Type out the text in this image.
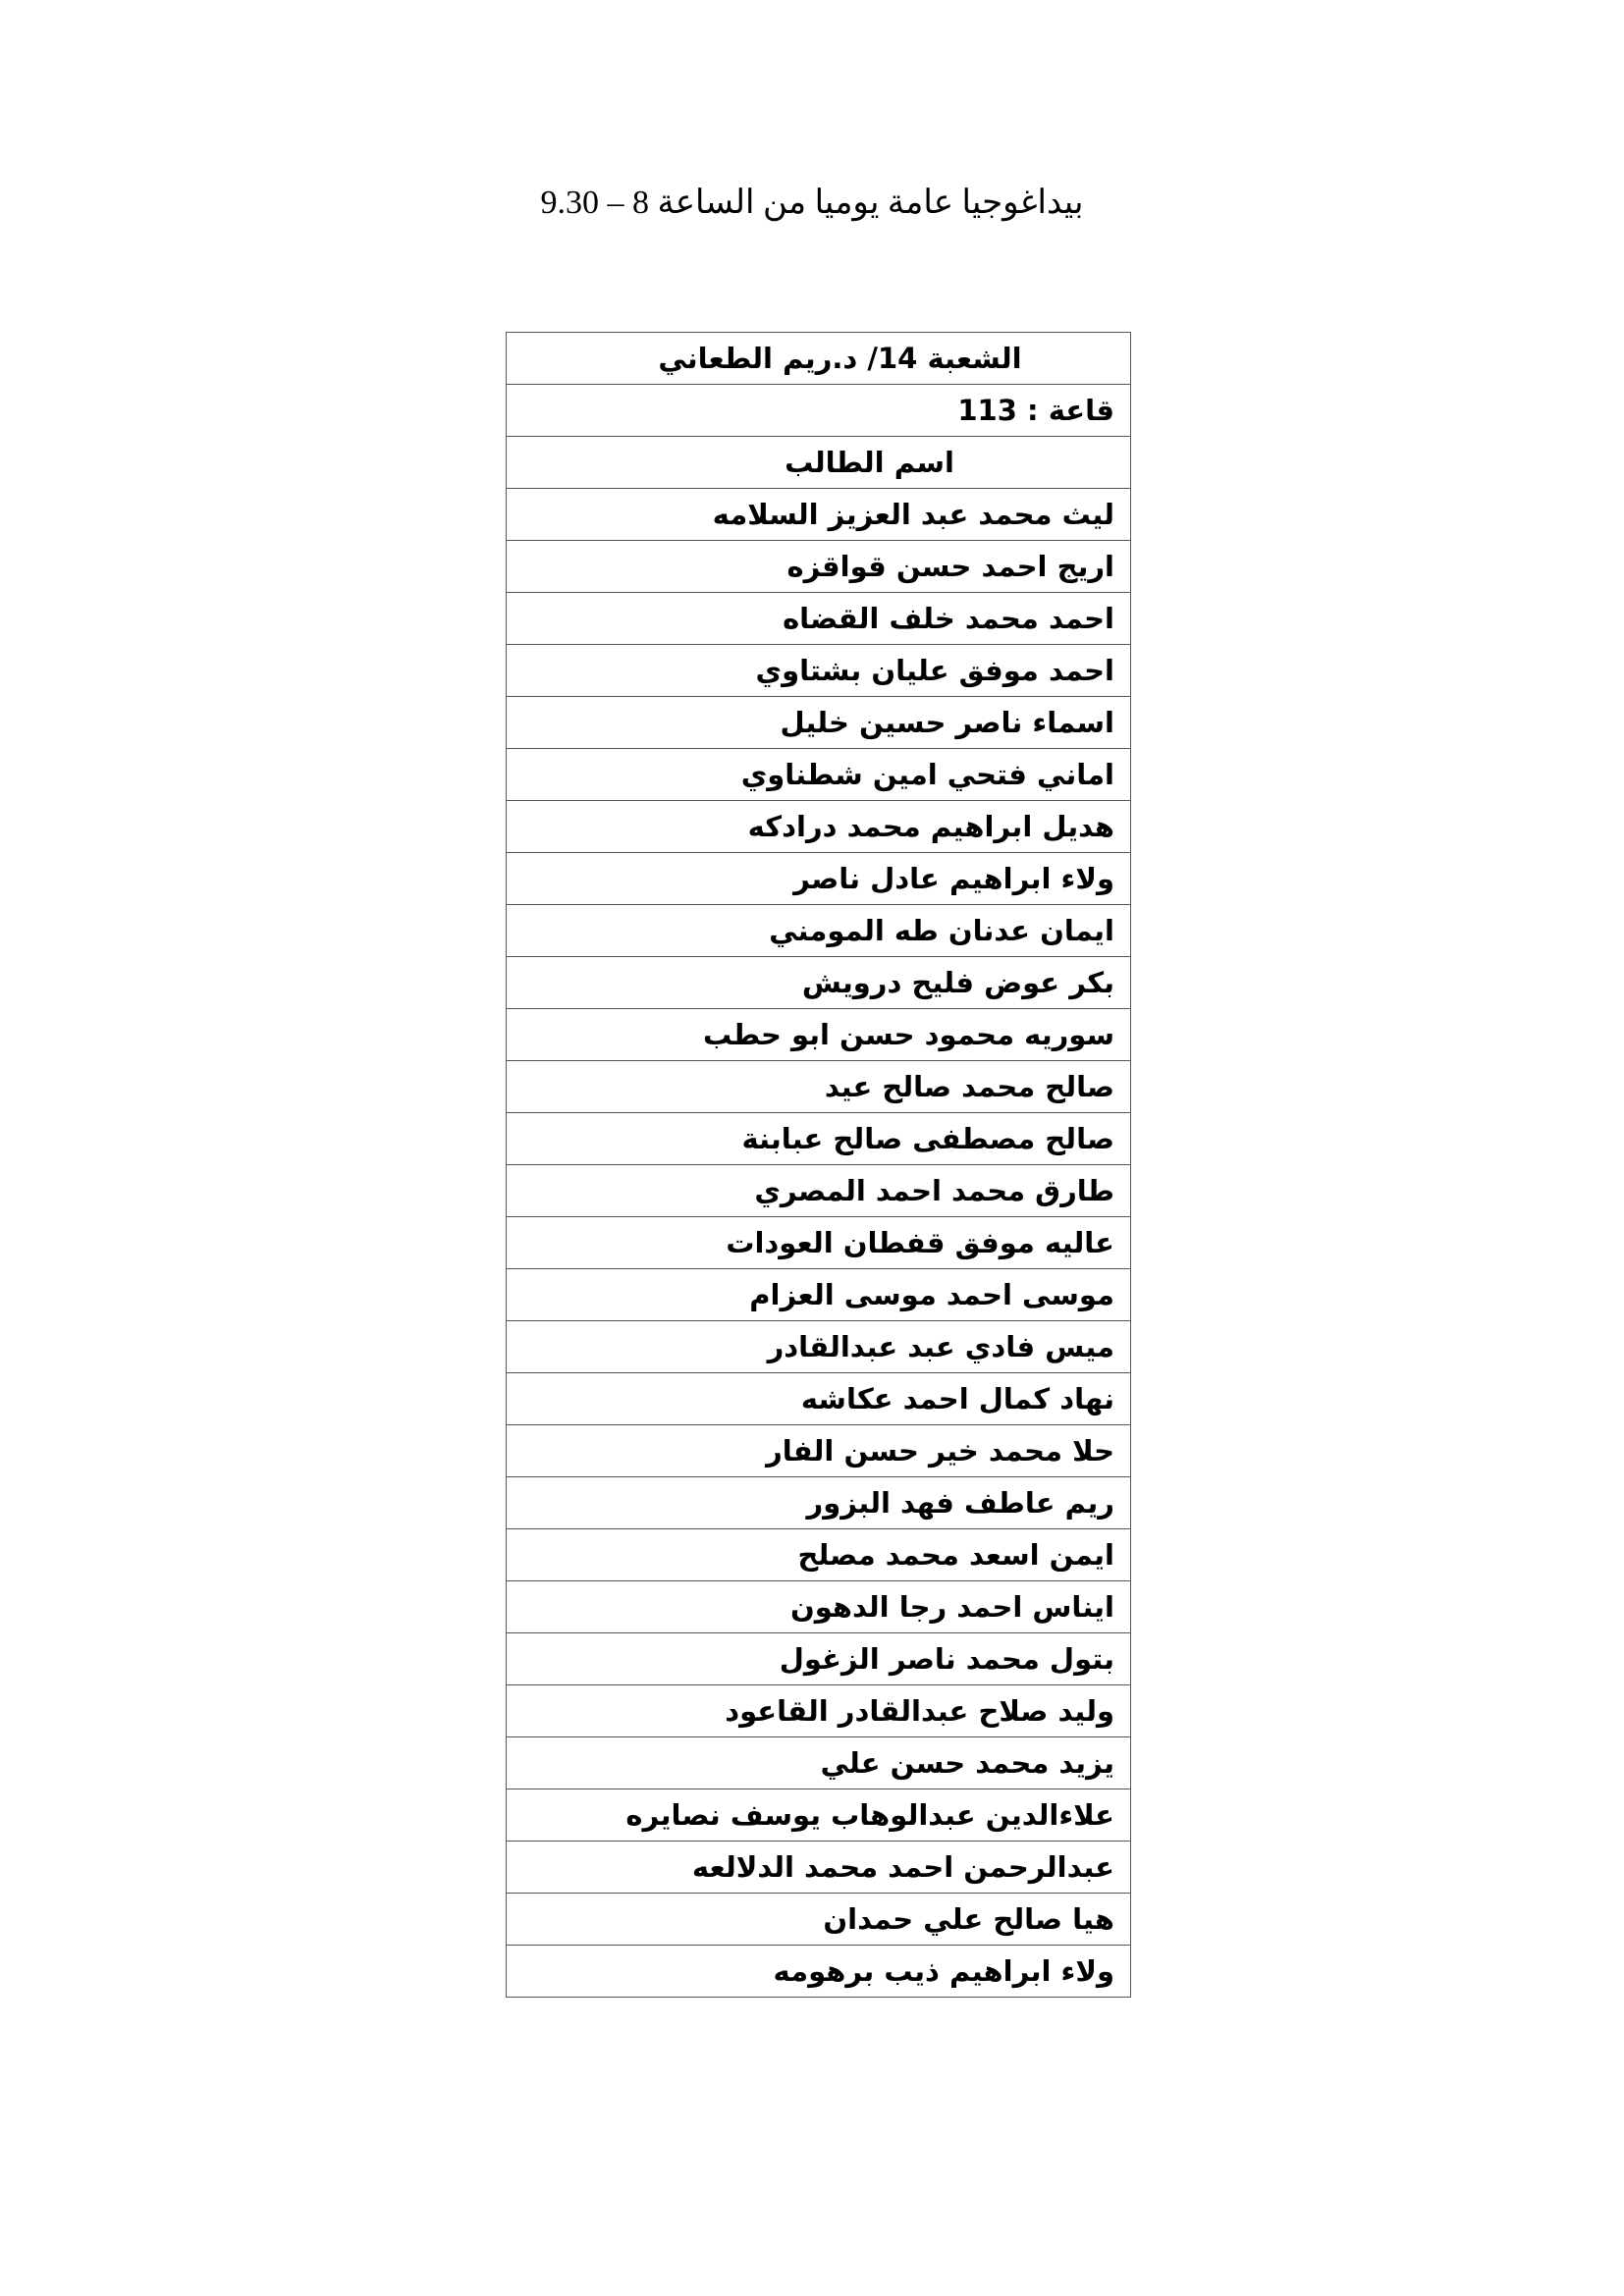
بيداغوجيا عامة يوميا من الساعة 8 – 9.30
الشعبة 14/ د.ريم الطعاني
قاعة : 113
اسم الطالب
ليث محمد عبد العزيز السلامه
اريج احمد حسن قواقزه
احمد محمد خلف القضاه
احمد موفق عليان بشتاوي
اسماء ناصر حسين خليل
اماني فتحي امين شطناوي
هديل ابراهيم محمد درادكه
ولاء ابراهيم عادل ناصر
ايمان عدنان طه المومني
بكر عوض فليح درويش
سوريه محمود حسن ابو حطب
صالح محمد صالح عيد
صالح مصطفى صالح عبابنة
طارق محمد احمد المصري
عاليه موفق قفطان العودات
موسى احمد موسى العزام
ميس فادي عبد عبدالقادر
نهاد كمال احمد عكاشه
حلا محمد خير حسن الفار
ريم عاطف فهد البزور
ايمن اسعد محمد مصلح
ايناس احمد رجا الدهون
بتول محمد ناصر الزغول
وليد صلاح عبدالقادر القاعود
يزيد محمد حسن علي
علاءالدين عبدالوهاب يوسف نصايره
عبدالرحمن احمد محمد الدلالعه
هيا صالح علي حمدان
ولاء ابراهيم ذيب برهومه
